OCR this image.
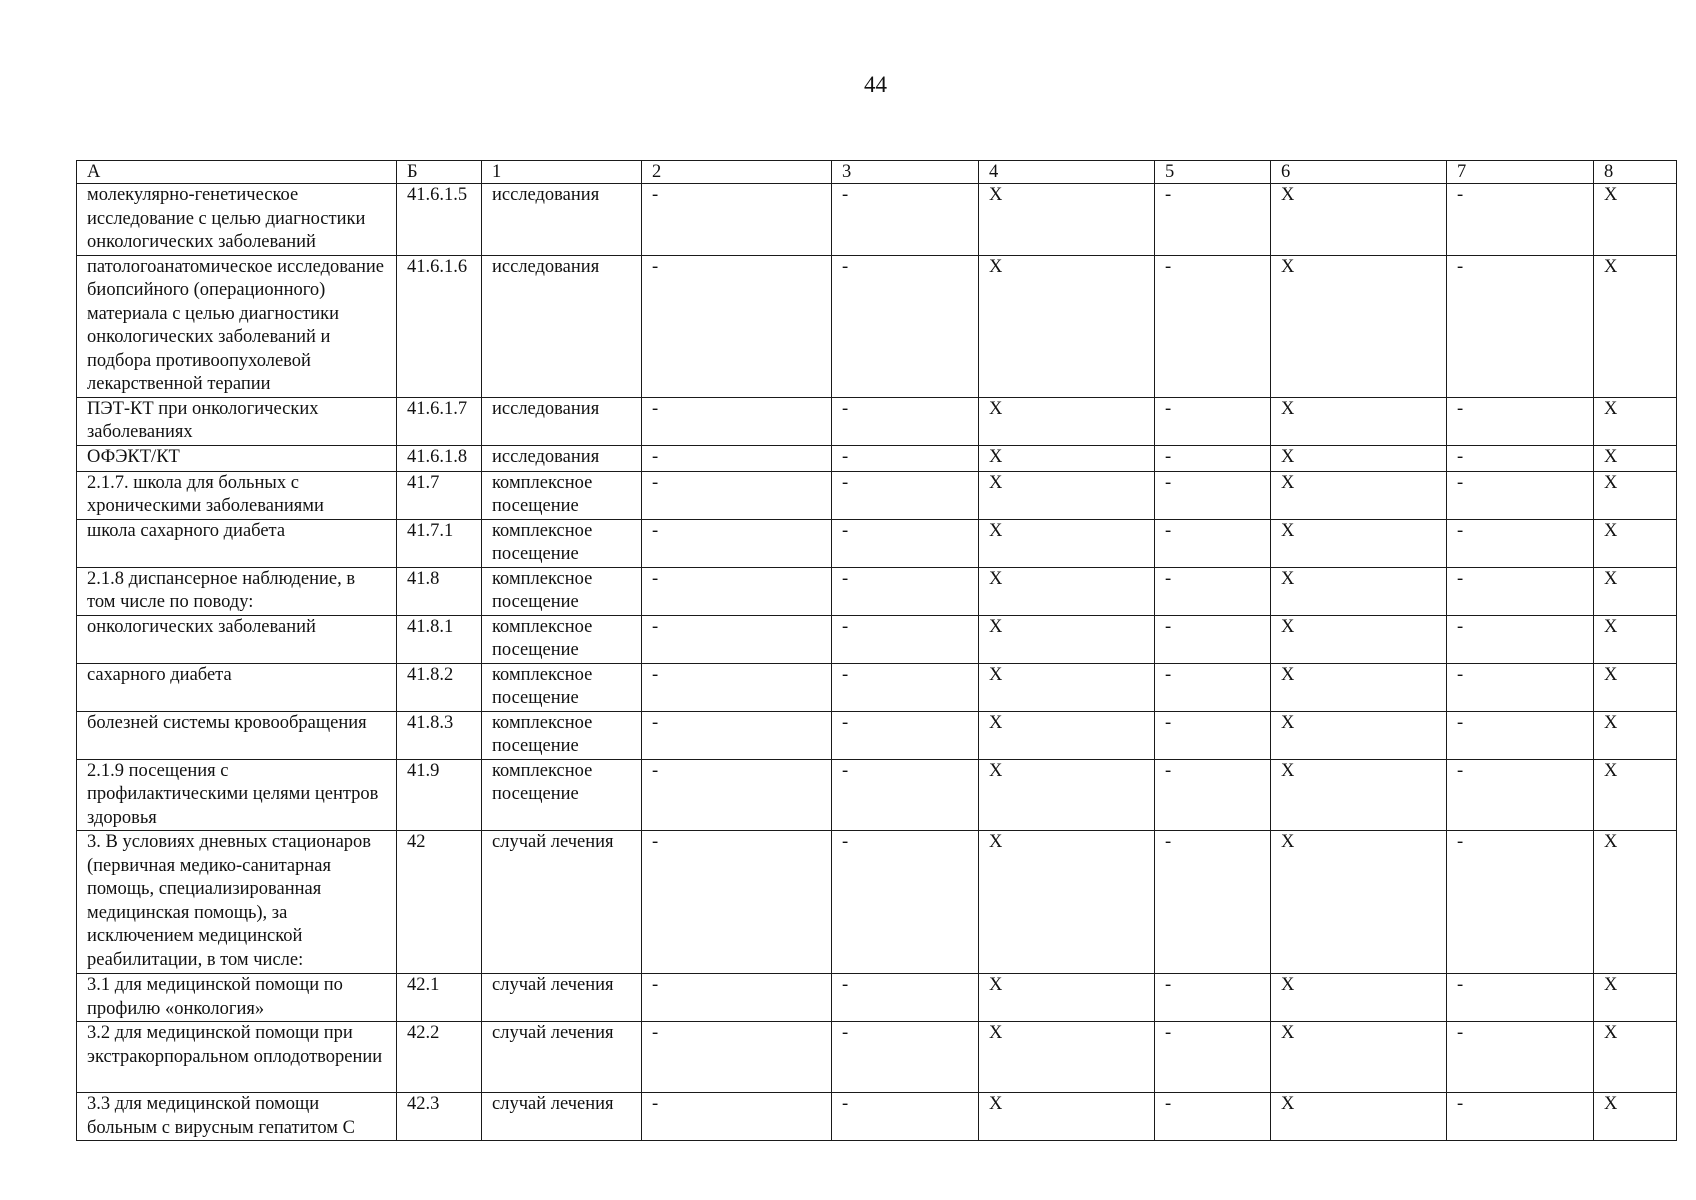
44
А	Б	1	2	3	4	5	6	7	8
молекулярно-генетическое исследование с целью диагностики онкологических заболеваний	41.6.1.5	исследования	-	-	Х	-	Х	-	Х
патологоанатомическое исследование биопсийного (операционного) материала с целью диагностики онкологических заболеваний и подбора противоопухолевой лекарственной терапии	41.6.1.6	исследования	-	-	Х	-	Х	-	Х
ПЭТ-КТ при онкологических заболеваниях	41.6.1.7	исследования	-	-	Х	-	Х	-	Х
ОФЭКТ/КТ	41.6.1.8	исследования	-	-	Х	-	Х	-	Х
2.1.7. школа для больных с хроническими заболеваниями	41.7	комплексное посещение	-	-	Х	-	Х	-	Х
школа сахарного диабета	41.7.1	комплексное посещение	-	-	Х	-	Х	-	Х
2.1.8 диспансерное наблюдение, в том числе по поводу:	41.8	комплексное посещение	-	-	Х	-	Х	-	Х
онкологических заболеваний	41.8.1	комплексное посещение	-	-	Х	-	Х	-	Х
сахарного диабета	41.8.2	комплексное посещение	-	-	Х	-	Х	-	Х
болезней системы кровообращения	41.8.3	комплексное посещение	-	-	Х	-	Х	-	Х
2.1.9 посещения с профилактическими целями центров здоровья	41.9	комплексное посещение	-	-	Х	-	Х	-	Х
3. В условиях дневных стационаров (первичная медико-санитарная помощь, специализированная медицинская помощь), за исключением медицинской реабилитации, в том числе:	42	случай лечения	-	-	Х	-	Х	-	Х
3.1 для медицинской помощи по профилю «онкология»	42.1	случай лечения	-	-	Х	-	Х	-	Х
3.2 для медицинской помощи при экстракорпоральном оплодотворении	42.2	случай лечения	-	-	Х	-	Х	-	Х
3.3 для медицинской помощи больным с вирусным гепатитом С	42.3	случай лечения	-	-	Х	-	Х	-	Х
